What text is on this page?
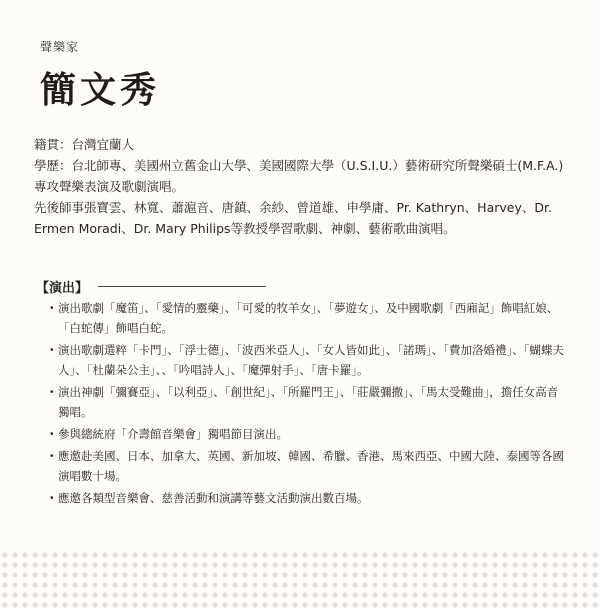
聲樂家
簡文秀

籍貫：台灣宜蘭人

學歷：台北師專、美國州立舊金山大學、美國國際大學（U.S.I.U.）藝術研究所聲樂碩士(M.F.A.)專攻聲樂表演及歌劇演唱。

先後師事張寶雲、林寬、蕭滬音、唐鎮、余紗、曾道雄、申學庸、Pr. Kathryn、Harvey、Dr. Ermen Moradi、Dr. Mary Philips等教授學習歌劇、神劇、藝術歌曲演唱。

【演出】
・ 演出歌劇「魔笛」、「愛情的靈藥」、「可愛的牧羊女」、「夢遊女」、及中國歌劇「西廂記」飾唱紅娘、「白蛇傳」飾唱白蛇。
・ 演出歌劇選粹「卡門」、「浮士德」、「波西米亞人」、「女人皆如此」、「諾瑪」、「費加洛婚禮」、「蝴蝶夫人」、「杜蘭朵公主」、、「吟唱詩人」、「魔彈射手」、「唐卡羅」。
・ 演出神劇「彌賽亞」、「以利亞」、「創世紀」、「所羅門王」、「莊嚴彌撒」、「馬太受難曲」，擔任女高音獨唱。
・ 參與總統府「介壽館音樂會」獨唱節目演出。
・ 應邀赴美國、日本、加拿大、英國、新加坡、韓國、希臘、香港、馬來西亞、中國大陸、泰國等各國演唱數十場。
・ 應邀各類型音樂會、慈善活動和演講等藝文活動演出數百場。
